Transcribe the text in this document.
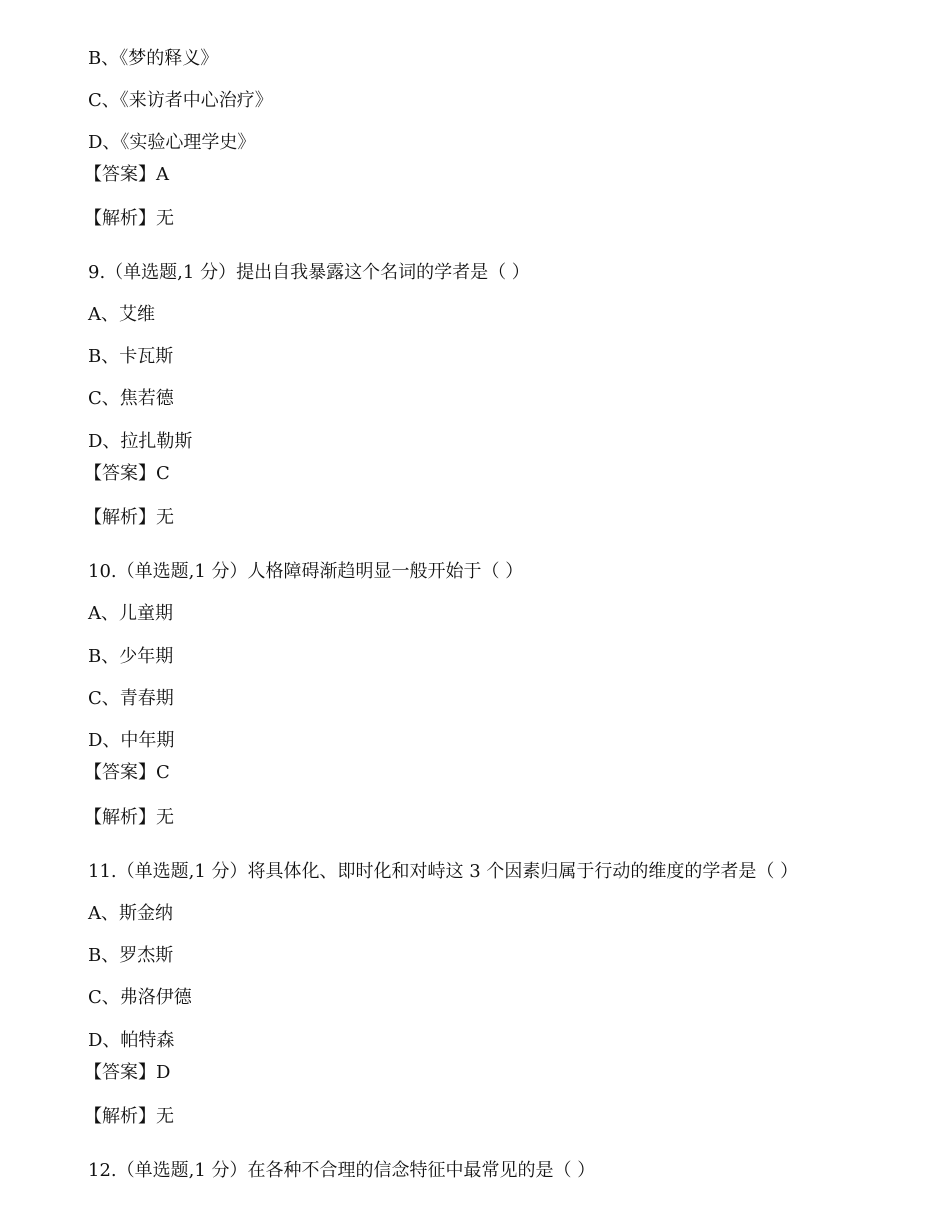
B、《梦的释义》
C、《来访者中心治疗》
D、《实验心理学史》
【答案】A
【解析】无
9.（单选题,1 分）提出自我暴露这个名词的学者是（ ）
A、艾维
B、卡瓦斯
C、焦若德
D、拉扎勒斯
【答案】C
【解析】无
10.（单选题,1 分）人格障碍渐趋明显一般开始于（ ）
A、儿童期
B、少年期
C、青春期
D、中年期
【答案】C
【解析】无
11.（单选题,1 分）将具体化、即时化和对峙这 3 个因素归属于行动的维度的学者是（ ）
A、斯金纳
B、罗杰斯
C、弗洛伊德
D、帕特森
【答案】D
【解析】无
12.（单选题,1 分）在各种不合理的信念特征中最常见的是（ ）
